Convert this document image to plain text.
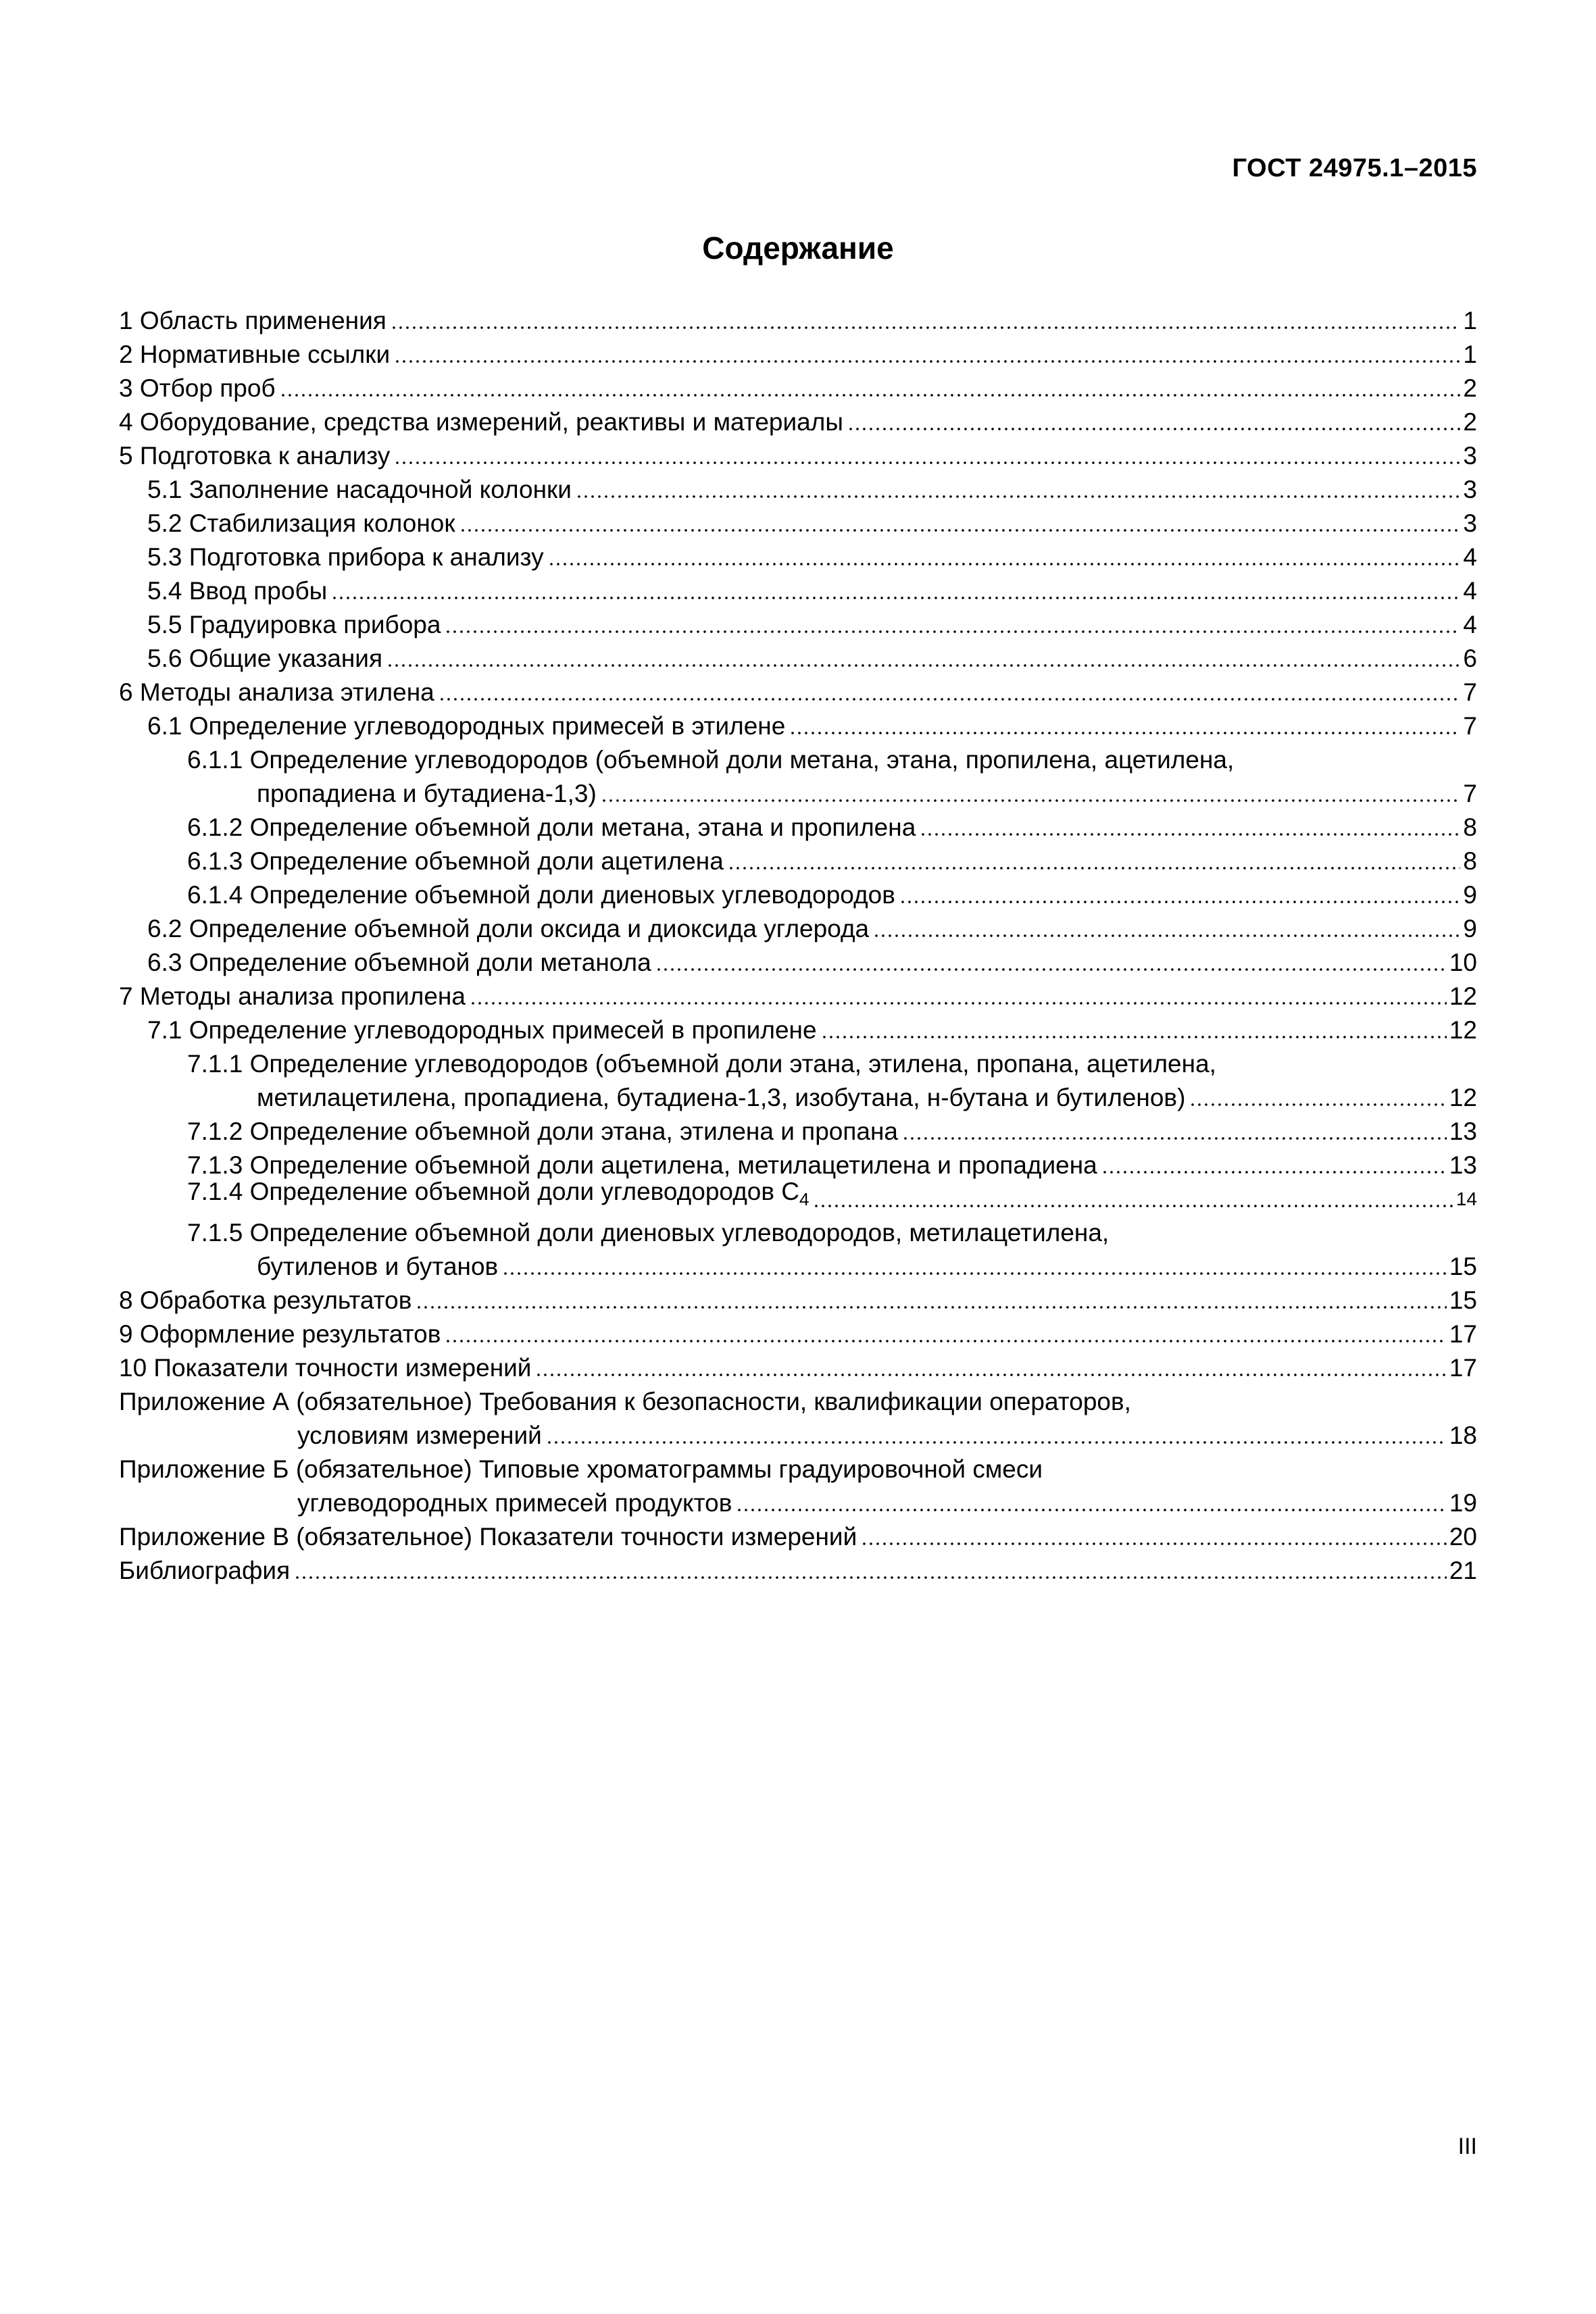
ГОСТ 24975.1–2015
Содержание
1 Область применения	1
2 Нормативные ссылки	1
3 Отбор проб	2
4 Оборудование, средства измерений, реактивы и материалы	2
5 Подготовка к анализу	3
5.1 Заполнение насадочной колонки	3
5.2 Стабилизация колонок	3
5.3 Подготовка прибора к анализу	4
5.4 Ввод пробы	4
5.5 Градуировка прибора	4
5.6 Общие указания	6
6 Методы анализа этилена	7
6.1 Определение углеводородных примесей в этилене	7
6.1.1 Определение углеводородов (объемной доли метана, этана, пропилена, ацетилена,
пропадиена и бутадиена-1,3)	7
6.1.2 Определение объемной доли метана, этана и пропилена	8
6.1.3 Определение объемной доли ацетилена	8
6.1.4 Определение объемной доли диеновых углеводородов	9
6.2 Определение объемной доли оксида и диоксида углерода	9
6.3 Определение объемной доли метанола	10
7 Методы анализа пропилена	12
7.1 Определение углеводородных примесей в пропилене	12
7.1.1 Определение углеводородов (объемной доли этана, этилена, пропана, ацетилена,
метилацетилена, пропадиена, бутадиена-1,3, изобутана, н-бутана и бутиленов)	12
7.1.2 Определение объемной доли этана, этилена и пропана	13
7.1.3 Определение объемной доли ацетилена, метилацетилена и пропадиена	13
7.1.4 Определение объемной доли углеводородов $С_4$	14
7.1.5 Определение объемной доли диеновых углеводородов, метилацетилена,
бутиленов и бутанов	15
8 Обработка результатов	15
9 Оформление результатов	17
10 Показатели точности измерений	17
Приложение А (обязательное) Требования к безопасности, квалификации операторов,
условиям измерений	18
Приложение Б (обязательное) Типовые хроматограммы градуировочной смеси
углеводородных примесей продуктов	19
Приложение В (обязательное) Показатели точности измерений	20
Библиография	21
III
